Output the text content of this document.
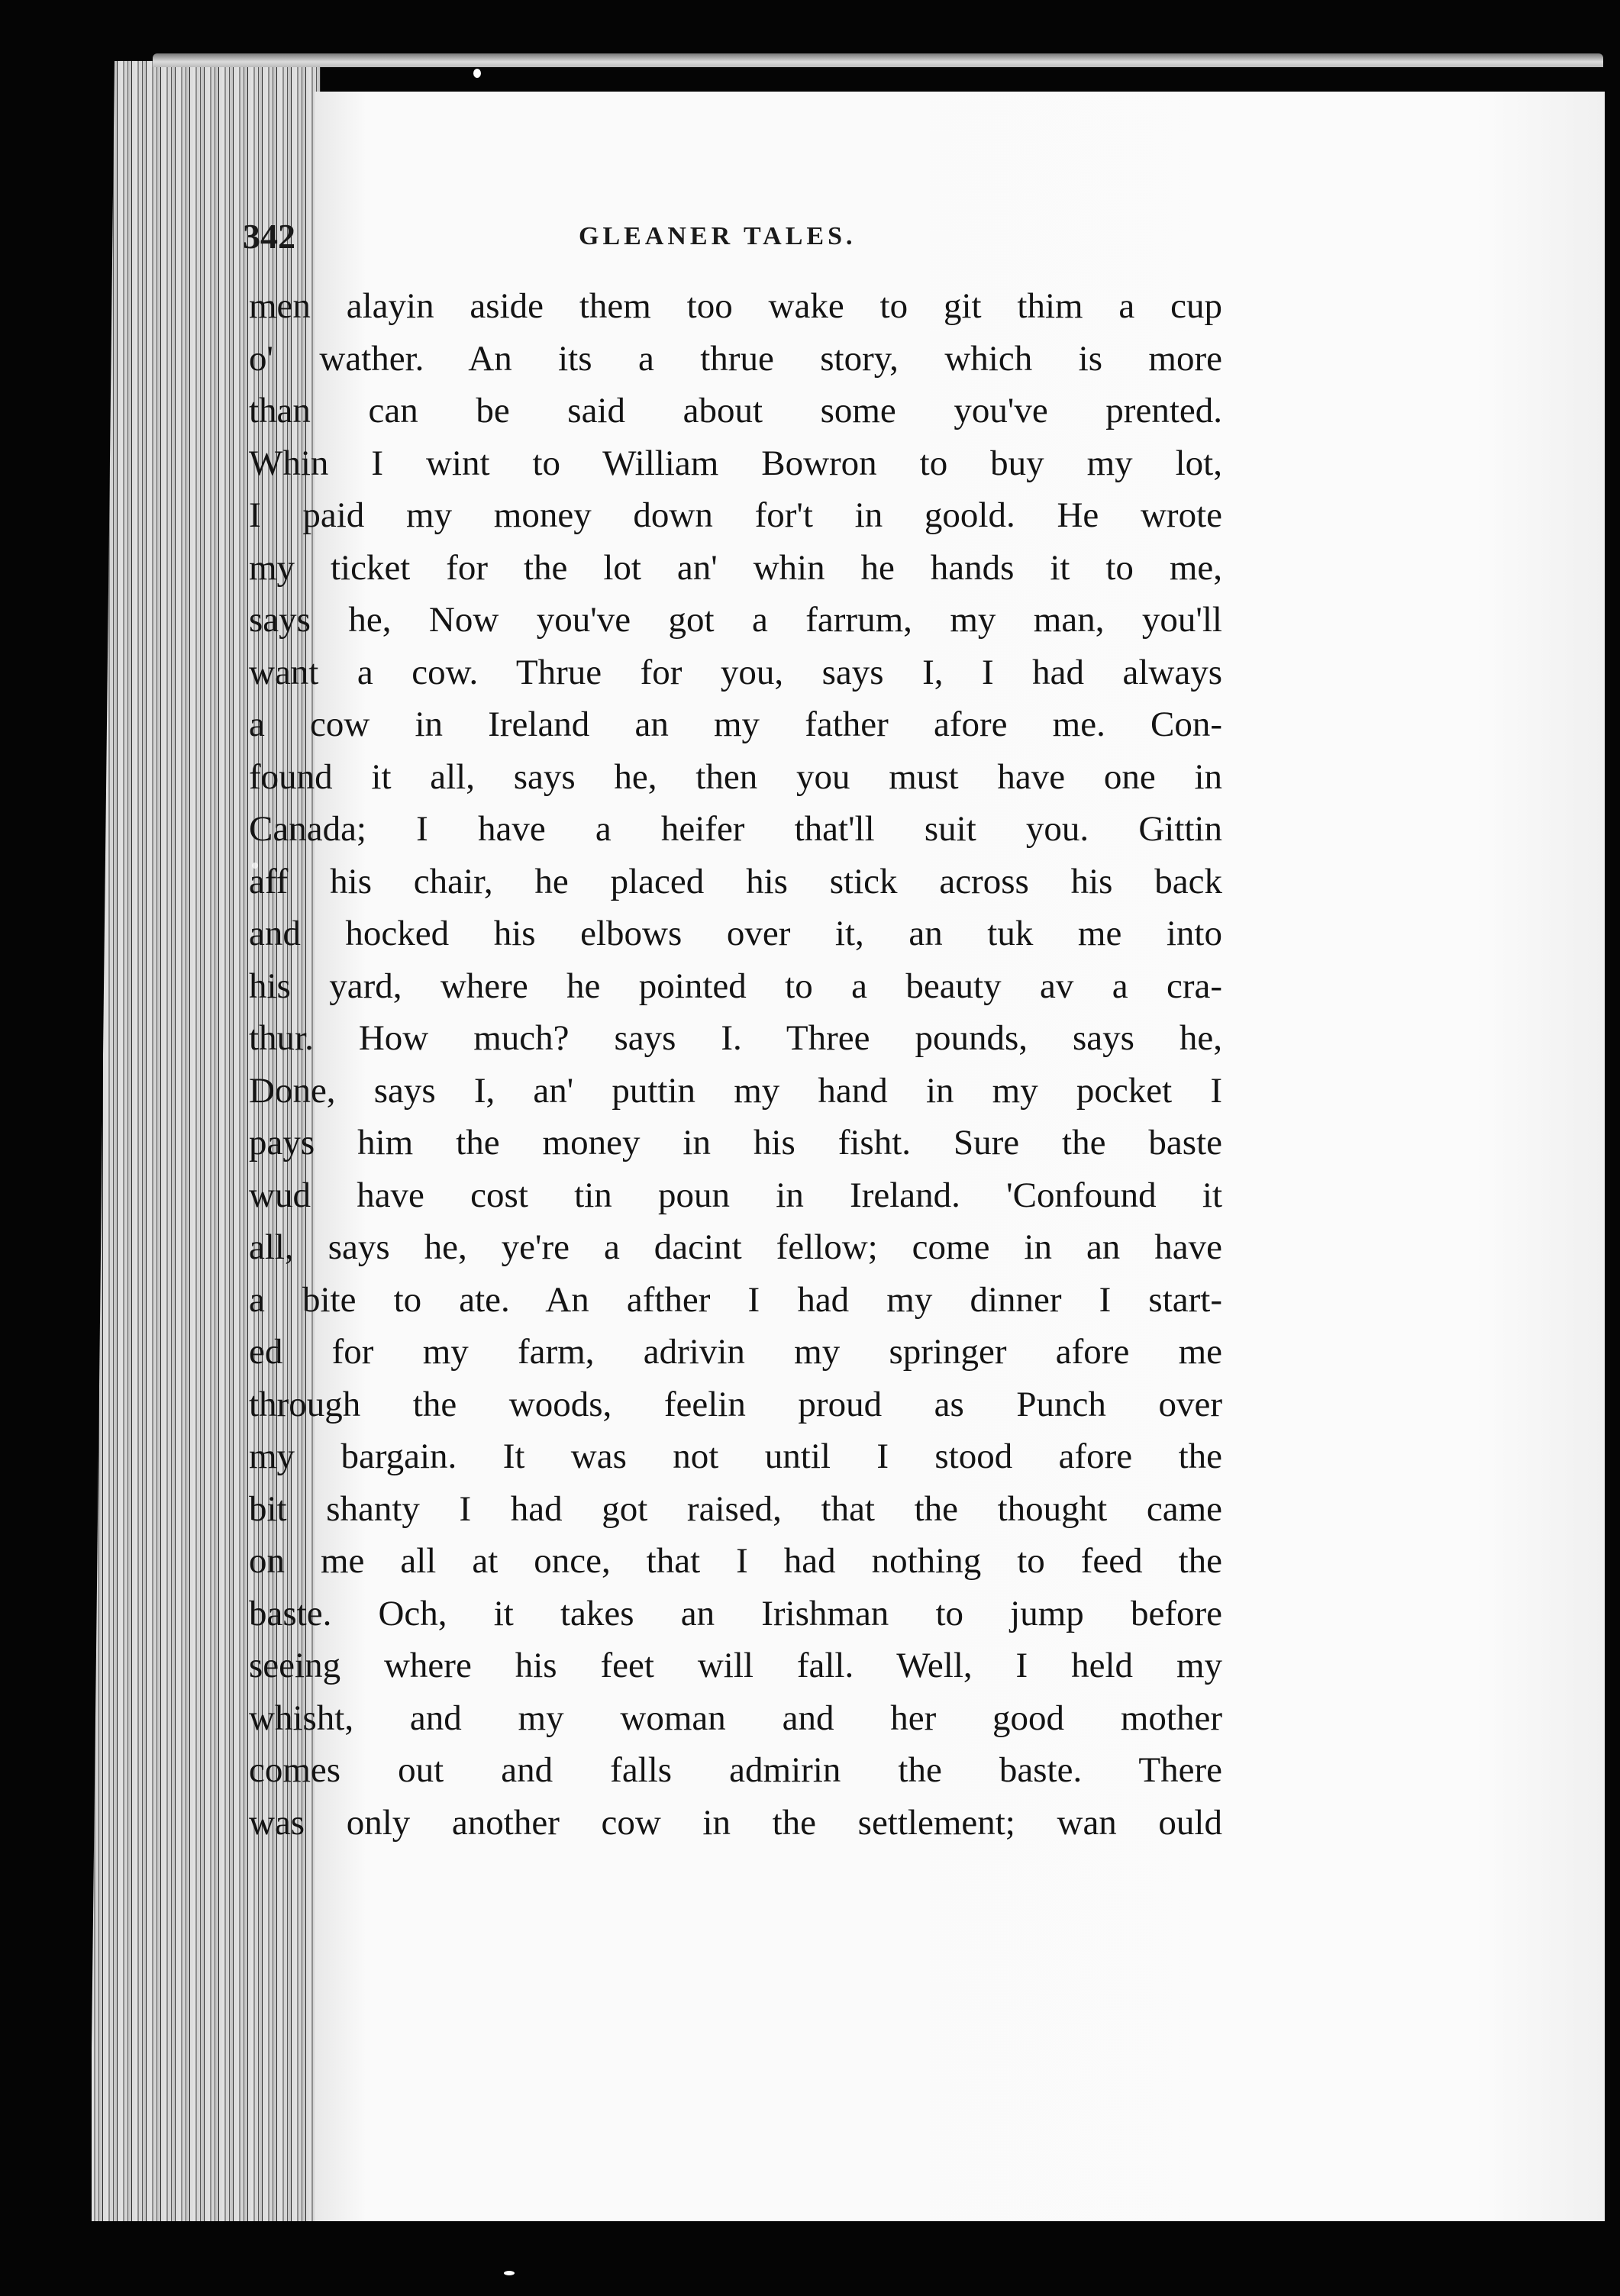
342	GLEANER TALES.
men alayin aside them too wake to git thim a cup
o' wather. An its a thrue story, which is more
than can be said about some you've prented.
Whin I wint to William Bowron to buy my lot,
I paid my money down for't in goold. He wrote
my ticket for the lot an' whin he hands it to me,
says he, Now you've got a farrum, my man, you'll
want a cow. Thrue for you, says I, I had always
a cow in Ireland an my father afore me. Con-
found it all, says he, then you must have one in
Canada; I have a heifer that'll suit you. Gittin
aff his chair, he placed his stick across his back
and hocked his elbows over it, an tuk me into
his yard, where he pointed to a beauty av a cra-
thur. How much? says I. Three pounds, says he,
Done, says I, an' puttin my hand in my pocket I
pays him the money in his fisht. Sure the baste
wud have cost tin poun in Ireland. 'Confound it
all, says he, ye're a dacint fellow; come in an have
a bite to ate. An afther I had my dinner I start-
ed for my farm, adrivin my springer afore me
through the woods, feelin proud as Punch over
my bargain. It was not until I stood afore the
bit shanty I had got raised, that the thought came
on me all at once, that I had nothing to feed the
baste. Och, it takes an Irishman to jump before
seeing where his feet will fall. Well, I held my
whisht, and my woman and her good mother
comes out and falls admirin the baste. There
was only another cow in the settlement; wan ould
